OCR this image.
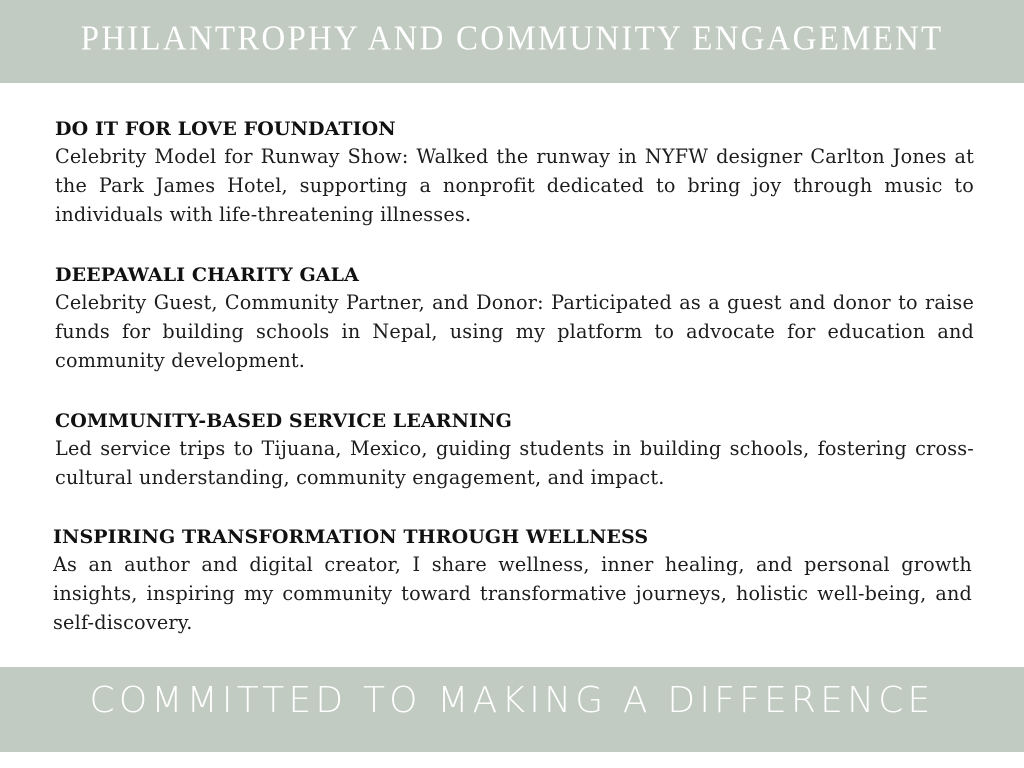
PHILANTROPHY AND COMMUNITY ENGAGEMENT
DO IT FOR LOVE FOUNDATION

Celebrity Model for Runway Show: Walked the runway in NYFW designer Carlton Jones at the Park James Hotel, supporting a nonprofit dedicated to bring joy through music to individuals with life-threatening illnesses.

DEEPAWALI CHARITY GALA

Celebrity Guest, Community Partner, and Donor: Participated as a guest and donor to raise funds for building schools in Nepal, using my platform to advocate for education and community development.

COMMUNITY-BASED SERVICE LEARNING

Led service trips to Tijuana, Mexico, guiding students in building schools, fostering cross-cultural understanding, community engagement, and impact.

INSPIRING TRANSFORMATION THROUGH WELLNESS

As an author and digital creator, I share wellness, inner healing, and personal growth insights, inspiring my community toward transformative journeys, holistic well-being, and self-discovery.

COMMITTED TO MAKING A DIFFERENCE
